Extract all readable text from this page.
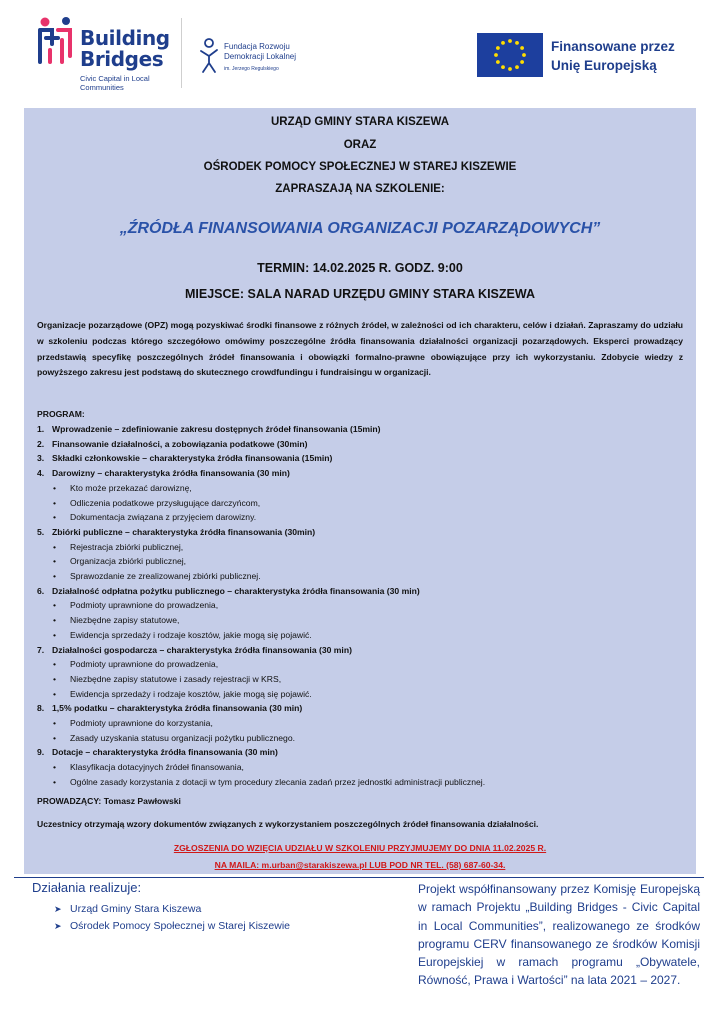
Building
Bridges
Civic Capital in Local Communities
Fundacja Rozwoju
Demokracji Lokalnej
im. Jerzego Regulskiego
Finansowane przez
Unię Europejską
URZĄD GMINY STARA KISZEWA
ORAZ
OŚRODEK POMOCY SPOŁECZNEJ W STAREJ KISZEWIE
ZAPRASZAJĄ NA SZKOLENIE:
„ŹRÓDŁA FINANSOWANIA ORGANIZACJI POZARZĄDOWYCH”
TERMIN: 14.02.2025 R. GODZ. 9:00
MIEJSCE: SALA NARAD URZĘDU GMINY STARA KISZEWA

Organizacje pozarządowe (OPZ) mogą pozyskiwać środki finansowe z różnych źródeł, w zależności od ich charakteru, celów i działań. Zapraszamy do udziału w szkoleniu podczas którego szczegółowo omówimy poszczególne źródła finansowania działalności organizacji pozarządowych. Eksperci prowadzący przedstawią specyfikę poszczególnych źródeł finansowania i obowiązki formalno-prawne obowiązujące przy ich wykorzystaniu. Zdobycie wiedzy z powyższego zakresu jest podstawą do skutecznego crowdfundingu i fundraisingu w organizacji.

PROGRAM:
1. Wprowadzenie – zdefiniowanie zakresu dostępnych źródeł finansowania (15min)
2. Finansowanie działalności, a zobowiązania podatkowe (30min)
3. Składki członkowskie – charakterystyka źródła finansowania (15min)
4. Darowizny – charakterystyka źródła finansowania (30 min)
• Kto może przekazać darowiznę,
• Odliczenia podatkowe przysługujące darczyńcom,
• Dokumentacja związana z przyjęciem darowizny.
5. Zbiórki publiczne – charakterystyka źródła finansowania (30min)
• Rejestracja zbiórki publicznej,
• Organizacja zbiórki publicznej,
• Sprawozdanie ze zrealizowanej zbiórki publicznej.
6. Działalność odpłatna pożytku publicznego – charakterystyka źródła finansowania (30 min)
• Podmioty uprawnione do prowadzenia,
• Niezbędne zapisy statutowe,
• Ewidencja sprzedaży i rodzaje kosztów, jakie mogą się pojawić.
7. Działalności gospodarcza – charakterystyka źródła finansowania (30 min)
• Podmioty uprawnione do prowadzenia,
• Niezbędne zapisy statutowe i zasady rejestracji w KRS,
• Ewidencja sprzedaży i rodzaje kosztów, jakie mogą się pojawić.
8. 1,5% podatku – charakterystyka źródła finansowania (30 min)
• Podmioty uprawnione do korzystania,
• Zasady uzyskania statusu organizacji pożytku publicznego.
9. Dotacje – charakterystyka źródła finansowania (30 min)
• Klasyfikacja dotacyjnych źródeł finansowania,
• Ogólne zasady korzystania z dotacji w tym procedury zlecania zadań przez jednostki administracji publicznej.
PROWADZĄCY: Tomasz Pawłowski
Uczestnicy otrzymają wzory dokumentów związanych z wykorzystaniem poszczególnych źródeł finansowania działalności.
ZGŁOSZENIA DO WZIĘCIA UDZIAŁU W SZKOLENIU PRZYJMUJEMY DO DNIA 11.02.2025 R.
NA MAILA: m.urban@starakiszewa.pl LUB POD NR TEL. (58) 687-60-34.
Działania realizuje:
➤ Urząd Gminy Stara Kiszewa
➤ Ośrodek Pomocy Społecznej w Starej Kiszewie

Projekt współfinansowany przez Komisję Europejską w ramach Projektu „Building Bridges - Civic Capital in Local Communities”, realizowanego ze środków programu CERV finansowanego ze środków Komisji Europejskiej w ramach programu „Obywatele, Równość, Prawa i Wartości” na lata 2021 – 2027.
